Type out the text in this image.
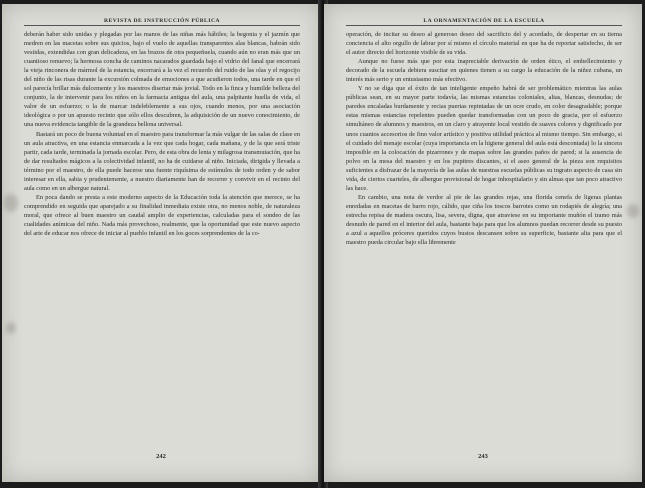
REVISTA DE INSTRUCCIÓN PÚBLICA

deberán haber sido unidas y plegadas por las manos de las niñas más hábiles; la begonia y el jazmín que medren en las macetas sobre sus quicios, bajo el vuelo de aquellas transparentes alas blancas, habrán sido vestidas, extendidas con gran delicadeza, en las brazos de otra pequeñuela, cuando aún no eran más que un cuantioso renuevo; la hermosa concha de caminos nacarados guardada bajo el vidrio del fanal que encerrará la vieja rinconera de mármol de la estancia, encerrará a la vez el recuerdo del ruido de las olas y el regocijo del niño de las risas durante la excursión colmada de emociones a que acudieron todos, una tarde en que el sol parecía brillar más dulcemente y los maestros disertar más jovial. Todo en la finca y humilde belleza del conjunto, la de intervenir para los niños en la farmacia antigua del aula, una palpitante huella de vida, el valor de un esfuerzo; o la de marcar indeleblemente a sus ojos, cuando menos, por una asociación ideológica o por un apuesto recinto que sólo ellos descubren, la adquisición de un nuevo conocimiento, de una nueva evidencia tangible de la grandeza bellona universal.

Bastará un poco de buena voluntad en el maestro para transformar la más vulgar de las salas de clase en un aula atractiva, en una estancia enmarcada a la vez que cada hogar, cada mañana, y de la que será triste partir, cada tarde, terminada la jornada escolar. Pero, de esta obra de lenta y milagrosa transmutación, que ha de dar resultados mágicos a la colectividad infantil, no ha de cuidarse al niño. Iniciada, dirigida y llevada a término por el maestro, de ella puede hacerse una fuente riquísima de estímulos de todo orden y de sabor interesar en ella, sabia y prudentemente, a nuestro diariamente han de recorrer y convivir en el recinto del aula como en un albergue natural.

En poca dando se presta a este moderno aspecto de la Educación toda la atención que merece, se ha comprendido en seguida que aparejado a su finalidad inmediata existe otra, no menos noble, de naturaleza moral, que ofrece al buen maestro un caudal amplio de experiencias, calculadas para el sondeo de las cualidades anímicas del niño. Nada más provechoso, realmente, que la oportunidad que este nuevo aspecto del arte de educar nos ofrece de iniciar al pueblo infantil en los goces sorprendentes de la co-

242
LA ORNAMENTACIÓN DE LA ESCUELA

operación, de incitar su deseo al generoso deseo del sacrificio del y acordado, de despertar en su tierna conciencia el alto orgullo de labrar por sí mismo el círculo material en que ha de reportar satisfecho, de ser el autor directo del horizonte visible de su vida.

Aunque no fuese más que por esta inapreciable derivación de orden ético, el embellecimiento y decorado de la escuela debiera suscitar en quienes tienen a su cargo la educación de la niñez cubana, un interés más serio y un entusiasmo más efectivo.

Y no se diga que el éxito de tan inteligente empeño habrá de ser problemático mientras las aulas públicas sean, en su mayor parte todavía, las mismas estancias coloniales, altas, blancas, desnudas; de paredes encaladas burdamente y recias puertas repintadas de un ocre crudo, en color desagradable; porque estas mismas estancias repelentes pueden quedar transformadas con un poco de gracia, por el esfuerzo simultáneo de alumnos y maestros, en un claro y atrayente local vestido de suaves colores y dignificado por unos cuantos accesorios de fino valor artístico y positiva utilidad práctica al mismo tiempo. Sin embargo, si el cuidado del menaje escolar (cuya importancia en la higiene general del aula está descontada) lo la sincera imposible en la colocación de pizarrones y de mapas sobre las grandes paños de pared; si la ausencia de polvo en la mesa del maestro y en los pupitres discantes, si el aseo general de la pieza son requisitos suficientes a disfrazar de la mayoría de las aulas de nuestras escuelas públicas su ingrato aspecto de casa sin vida, de ciertos cuarteles, de albergue provisional de hogar inhospitalario y sin almas que tan poco atractivo las hace.

En cambio, una nota de verdor al pie de las grandes rejas, una florida cenefa de ligeras plantas enredadas en macetas de barro rojo, cálido, que ciña los toscos barrotes como un rodapiés de alegría; una estrecha repisa de madera oscura, lisa, severa, digna, que atraviese en su importante muñón el tramo más desnudo de pared en el interior del aula, bastante baja para que los alumnos puedan recorrer desde su puesto a azul a aquellos próceres queridos cuyos bustos descansen sobre su superficie, bastante alta para que el maestro pueda circular bajo ella libremente

243
